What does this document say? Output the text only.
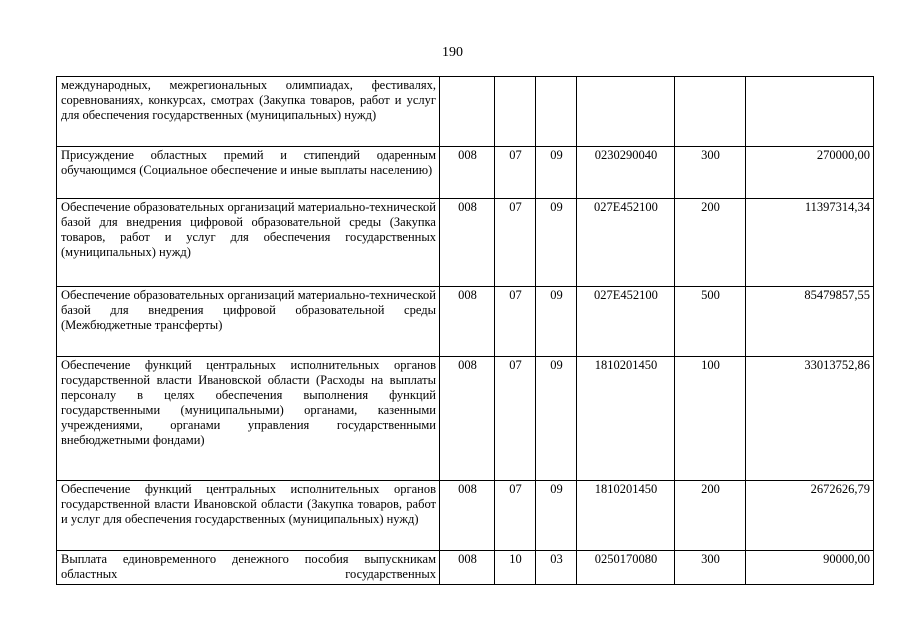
190
международных, межрегиональных олимпиадах, фестивалях, соревнованиях, конкурсах, смотрах (Закупка товаров, работ и услуг для обеспечения государственных (муниципальных) нужд)						
Присуждение областных премий и стипендий одаренным обучающимся (Социальное обеспечение и иные выплаты населению)	008	07	09	0230290040	300	270000,00
Обеспечение образовательных организаций материально-технической базой для внедрения цифровой образовательной среды (Закупка товаров, работ и услуг для обеспечения государственных (муниципальных) нужд)	008	07	09	027E452100	200	11397314,34
Обеспечение образовательных организаций материально-технической базой для внедрения цифровой образовательной среды (Межбюджетные трансферты)	008	07	09	027E452100	500	85479857,55
Обеспечение функций центральных исполнительных органов государственной власти Ивановской области (Расходы на выплаты персоналу в целях обеспечения выполнения функций государственными (муниципальными) органами, казенными учреждениями, органами управления государственными внебюджетными фондами)	008	07	09	1810201450	100	33013752,86
Обеспечение функций центральных исполнительных органов государственной власти Ивановской области (Закупка товаров, работ и услуг для обеспечения государственных (муниципальных) нужд)	008	07	09	1810201450	200	2672626,79
Выплата единовременного денежного пособия выпускникам областных государственных	008	10	03	0250170080	300	90000,00
